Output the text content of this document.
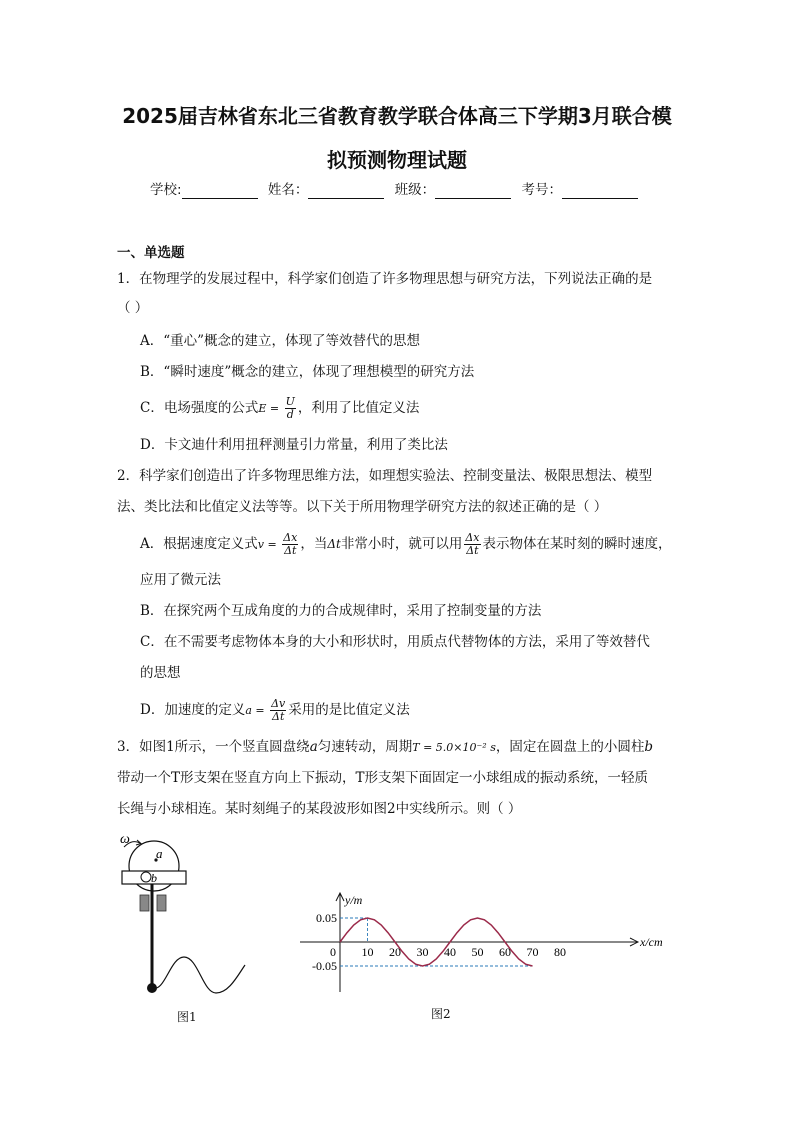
2025届吉林省东北三省教育教学联合体高三下学期3月联合模
拟预测物理试题
学校:	姓名：	班级：	考号：
一、单选题
1．在物理学的发展过程中，科学家们创造了许多物理思想与研究方法，下列说法正确的是
（ ）
A．“重心”概念的建立，体现了等效替代的思想
B．“瞬时速度”概念的建立，体现了理想模型的研究方法
C．电场强度的公式$E = \frac{U}{d}$ ，利用了比值定义法
D．卡文迪什利用扭秤测量引力常量，利用了类比法
2．科学家们创造出了许多物理思维方法，如理想实验法、控制变量法、极限思想法、模型
法、类比法和比值定义法等等。以下关于所用物理学研究方法的叙述正确的是（ ）
A．根据速度定义式$v = \frac{\Delta x}{\Delta t}$ ，当Δt非常小时，就可以用 $\frac{\Delta x}{\Delta t}$ 表示物体在某时刻的瞬时速度，
应用了微元法
B．在探究两个互成角度的力的合成规律时，采用了控制变量的方法
C．在不需要考虑物体本身的大小和形状时，用质点代替物体的方法，采用了等效替代
的思想
D．加速度的定义$a = \frac{\Delta v}{\Delta t}$ 采用的是比值定义法
3．如图1所示，一个竖直圆盘绕a匀速转动，周期T = 5.0×10⁻² s，固定在圆盘上的小圆柱b
带动一个T形支架在竖直方向上下振动，T形支架下面固定一小球组成的振动系统，一轻质
长绳与小球相连。某时刻绳子的某段波形如图2中实线所示。则（ ）
ω
a
b
图1
y/m
x/cm
0 10 20 30 40 50 60 70 80
0.05
-0.05
图2
